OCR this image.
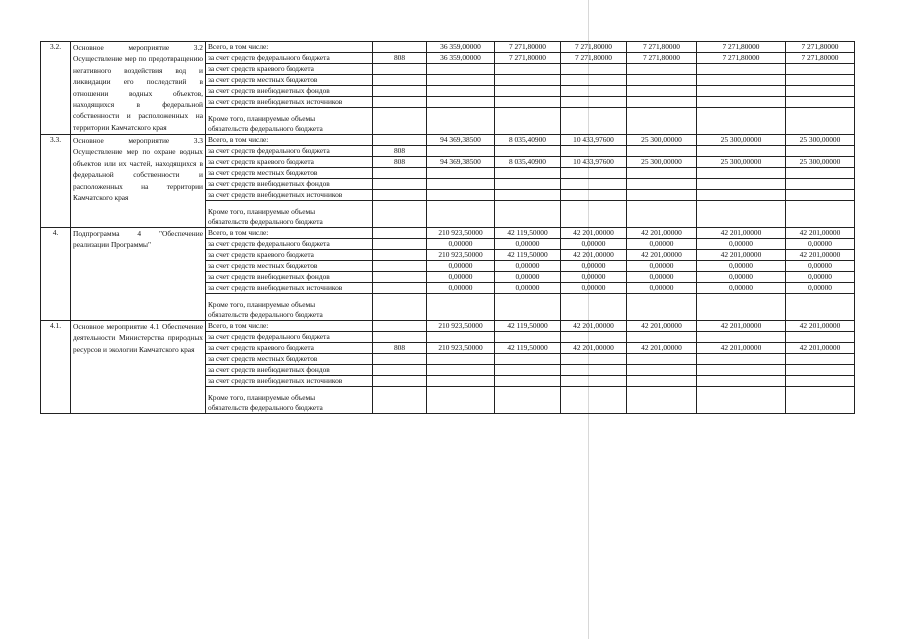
3.2.	Основное мероприятие 3.2 Осуществление мер по предотвращению негативного воздействия вод и ликвидации его последствий в отношении водных объектов, находящихся в федеральной собственности и расположенных на территории Камчатского края	Всего, в том числе:		36 359,00000	7 271,80000	7 271,80000	7 271,80000	7 271,80000	7 271,80000
		за счет средств федерального бюджета	808	36 359,00000	7 271,80000	7 271,80000	7 271,80000	7 271,80000	7 271,80000
		за счет средств краевого бюджета							
		за счет средств местных бюджетов							
		за счет средств внебюджетных фондов							
		за счет средств внебюджетных источников							

		Кроме того, планируемые объемы
обязательств федерального бюджета							

3.3.	Основное мероприятие 3.3 Осуществление мер по охране водных объектов или их частей, находящихся в федеральной собственности и расположенных на территории Камчатского края	Всего, в том числе:		94 369,38500	8 035,40900	10 433,97600	25 300,00000	25 300,00000	25 300,00000
		за счет средств федерального бюджета	808						
		за счет средств краевого бюджета	808	94 369,38500	8 035,40900	10 433,97600	25 300,00000	25 300,00000	25 300,00000
		за счет средств местных бюджетов							
		за счет средств внебюджетных фондов							
		за счет средств внебюджетных источников							

		Кроме того, планируемые объемы
обязательств федерального бюджета							

4.	Подпрограмма 4 "Обеспечение реализации Программы"	Всего, в том числе:		210 923,50000	42 119,50000	42 201,00000	42 201,00000	42 201,00000	42 201,00000
		за счет средств федерального бюджета		0,00000	0,00000	0,00000	0,00000	0,00000	0,00000
		за счет средств краевого бюджета		210 923,50000	42 119,50000	42 201,00000	42 201,00000	42 201,00000	42 201,00000
		за счет средств местных бюджетов		0,00000	0,00000	0,00000	0,00000	0,00000	0,00000
		за счет средств внебюджетных фондов		0,00000	0,00000	0,00000	0,00000	0,00000	0,00000
		за счет средств внебюджетных источников		0,00000	0,00000	0,00000	0,00000	0,00000	0,00000

		Кроме того, планируемые объемы
обязательств федерального бюджета							

4.1.	Основное мероприятие 4.1 Обеспечение деятельности Министерства природных ресурсов и экологии Камчатского края	Всего, в том числе:		210 923,50000	42 119,50000	42 201,00000	42 201,00000	42 201,00000	42 201,00000
		за счет средств федерального бюджета							
		за счет средств краевого бюджета	808	210 923,50000	42 119,50000	42 201,00000	42 201,00000	42 201,00000	42 201,00000
		за счет средств местных бюджетов							
		за счет средств внебюджетных фондов							
		за счет средств внебюджетных источников							

		Кроме того, планируемые объемы
обязательств федерального бюджета							
